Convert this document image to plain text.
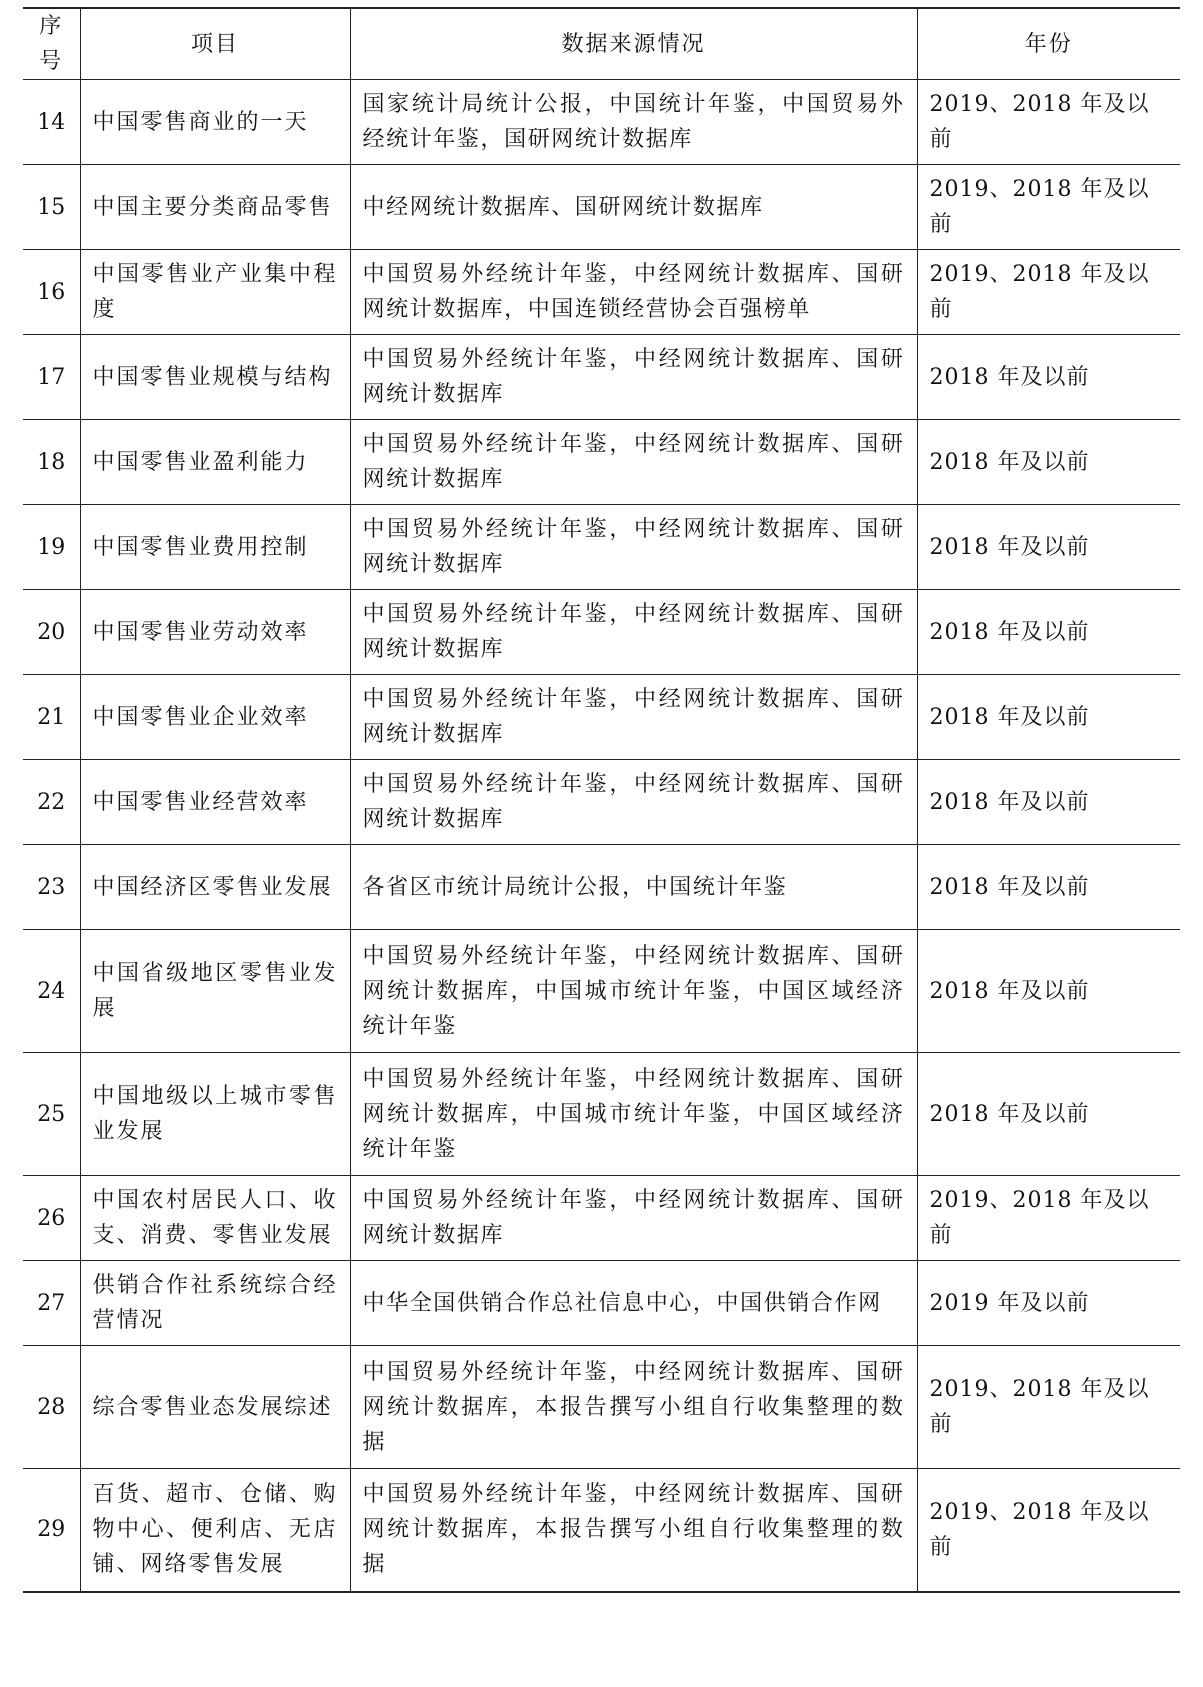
序号	项目	数据来源情况	年份
14	中国零售商业的一天	国家统计局统计公报，中国统计年鉴，中国贸易外经统计年鉴，国研网统计数据库	2019、2018 年及以前
15	中国主要分类商品零售	中经网统计数据库、国研网统计数据库	2019、2018 年及以前
16	中国零售业产业集中程度	中国贸易外经统计年鉴，中经网统计数据库、国研网统计数据库，中国连锁经营协会百强榜单	2019、2018 年及以前
17	中国零售业规模与结构	中国贸易外经统计年鉴，中经网统计数据库、国研网统计数据库	2018 年及以前
18	中国零售业盈利能力	中国贸易外经统计年鉴，中经网统计数据库、国研网统计数据库	2018 年及以前
19	中国零售业费用控制	中国贸易外经统计年鉴，中经网统计数据库、国研网统计数据库	2018 年及以前
20	中国零售业劳动效率	中国贸易外经统计年鉴，中经网统计数据库、国研网统计数据库	2018 年及以前
21	中国零售业企业效率	中国贸易外经统计年鉴，中经网统计数据库、国研网统计数据库	2018 年及以前
22	中国零售业经营效率	中国贸易外经统计年鉴，中经网统计数据库、国研网统计数据库	2018 年及以前
23	中国经济区零售业发展	各省区市统计局统计公报，中国统计年鉴	2018 年及以前
24	中国省级地区零售业发展	中国贸易外经统计年鉴，中经网统计数据库、国研网统计数据库，中国城市统计年鉴，中国区域经济统计年鉴	2018 年及以前
25	中国地级以上城市零售业发展	中国贸易外经统计年鉴，中经网统计数据库、国研网统计数据库，中国城市统计年鉴，中国区域经济统计年鉴	2018 年及以前
26	中国农村居民人口、收支、消费、零售业发展	中国贸易外经统计年鉴，中经网统计数据库、国研网统计数据库	2019、2018 年及以前
27	供销合作社系统综合经营情况	中华全国供销合作总社信息中心，中国供销合作网	2019 年及以前
28	综合零售业态发展综述	中国贸易外经统计年鉴，中经网统计数据库、国研网统计数据库，本报告撰写小组自行收集整理的数据	2019、2018 年及以前
29	百货、超市、仓储、购物中心、便利店、无店铺、网络零售发展	中国贸易外经统计年鉴，中经网统计数据库、国研网统计数据库，本报告撰写小组自行收集整理的数据	2019、2018 年及以前
